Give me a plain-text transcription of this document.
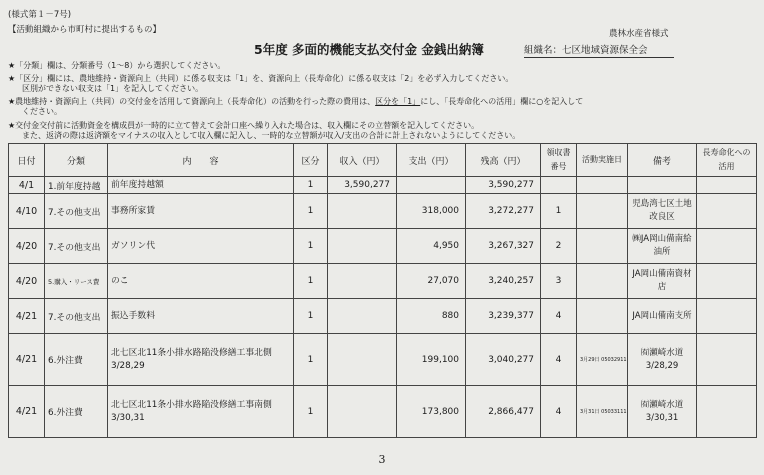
(様式第１－7号)
【活動組織から市町村に提出するもの】	農林水産省様式
5年度 多面的機能支払交付金 金銭出納簿	組織名：七区地域資源保全会
★「分類」欄は、分類番号（1～8）から選択してください。
★「区分」欄には、農地維持・資源向上（共同）に係る収支は「1」を、資源向上（長寿命化）に係る収支は「2」を必ず入力してください。
区別ができない収支は「1」を記入してください。
★農地維持・資源向上（共同）の交付金を活用して資源向上（長寿命化）の活動を行った際の費用は、区分を「1」にし、「長寿命化への活用」欄に○を記入して
ください。
★交付金交付前に活動資金を構成員が一時的に立て替えて会計口座へ繰り入れた場合は、収入欄にその立替額を記入してください。
また、返済の際は返済額をマイナスの収入として収入欄に記入し、一時的な立替額が収入/支出の合計に計上されないようにしてください。
日付	分類	内　　容	区分	収入（円）	支出（円）	残高（円）	領収書番号	活動実施日	備考	長寿命化への活用
4/1	1.前年度持越	前年度持越額	1	3,590,277		3,590,277				
4/10	7.その他支出	事務所家賃	1		318,000	3,272,277	1		児島湾七区土地改良区	
4/20	7.その他支出	ガソリン代	1		4,950	3,267,327	2		㈱JA岡山備南給油所	
4/20	5.購入・リース費	のこ	1		27,070	3,240,257	3		JA岡山備南資材店	
4/21	7.その他支出	振込手数料	1		880	3,239,377	4		JA岡山備南支所	
4/21	6.外注費	北七区北11条小排水路陥没修繕工事北側3/28,29	1		199,100	3,040,277	4	3月29日 05032911	㈲瀬崎水道3/28,29	
4/21	6.外注費	北七区北11条小排水路陥没修繕工事南側3/30,31	1		173,800	2,866,477	4	3月31日 05033111	㈲瀬崎水道3/30,31	
3
